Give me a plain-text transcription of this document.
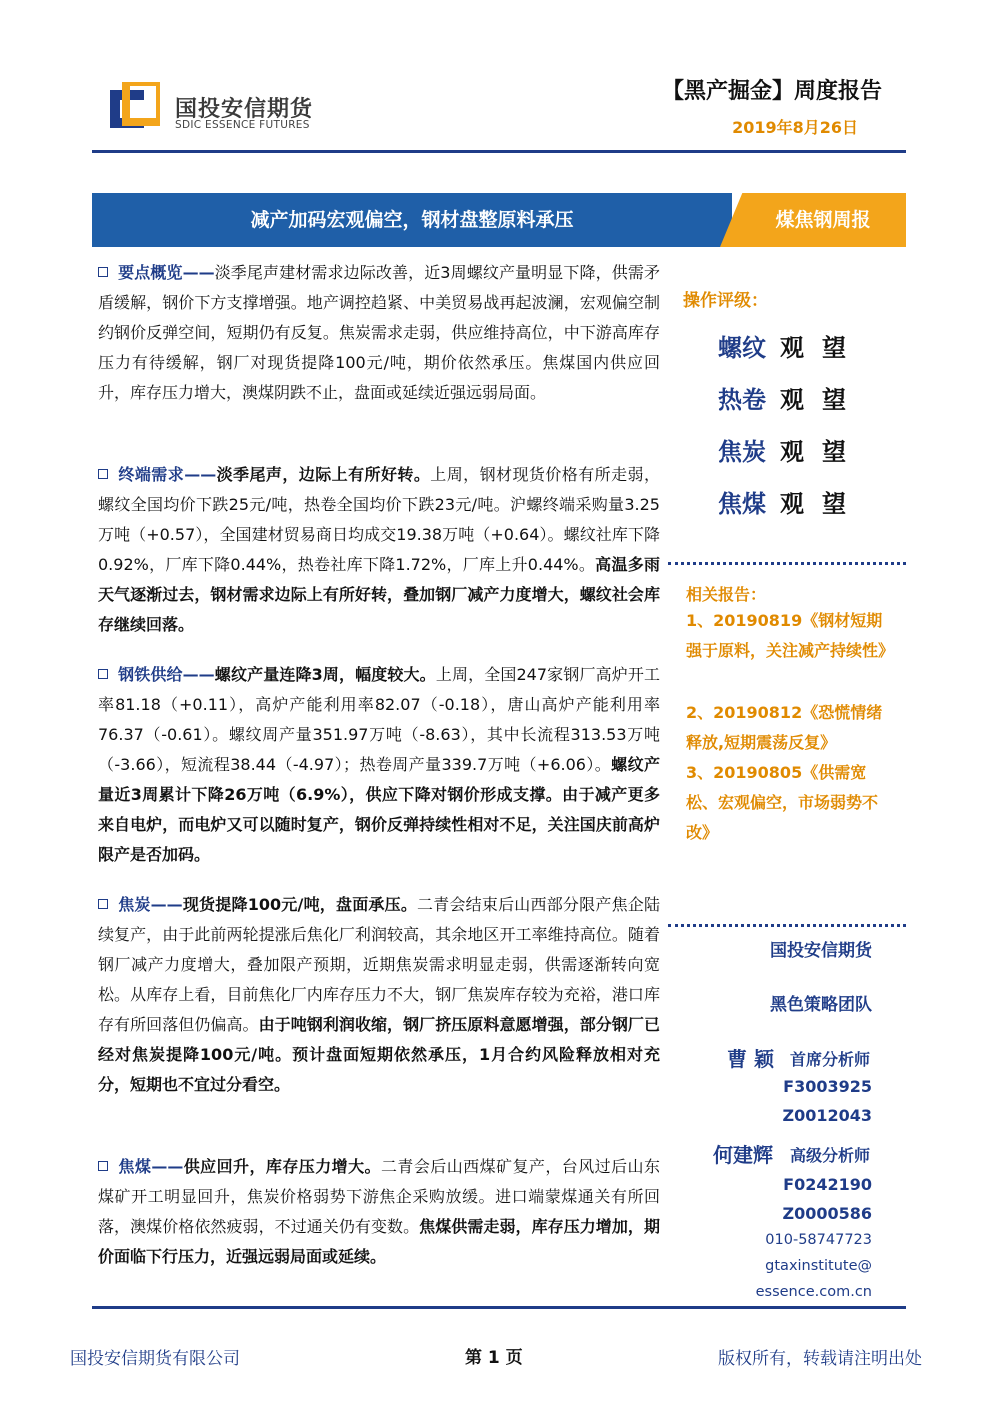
国投安信期货
SDIC ESSENCE FUTURES
【黑产掘金】周度报告
2019年8月26日
减产加码宏观偏空，钢材盘整原料承压	煤焦钢周报

要点概览——淡季尾声建材需求边际改善，近3周螺纹产量明显下降，供需矛盾缓解，钢价下方支撑增强。地产调控趋紧、中美贸易战再起波澜，宏观偏空制约钢价反弹空间，短期仍有反复。焦炭需求走弱，供应维持高位，中下游高库存压力有待缓解，钢厂对现货提降100元/吨，期价依然承压。焦煤国内供应回升，库存压力增大，澳煤阴跌不止，盘面或延续近强远弱局面。

终端需求——淡季尾声，边际上有所好转。上周，钢材现货价格有所走弱，螺纹全国均价下跌25元/吨，热卷全国均价下跌23元/吨。沪螺终端采购量3.25万吨（+0.57），全国建材贸易商日均成交19.38万吨（+0.64）。螺纹社库下降0.92%，厂库下降0.44%，热卷社库下降1.72%，厂库上升0.44%。高温多雨天气逐渐过去，钢材需求边际上有所好转，叠加钢厂减产力度增大，螺纹社会库存继续回落。

钢铁供给——螺纹产量连降3周，幅度较大。上周，全国247家钢厂高炉开工率81.18（+0.11），高炉产能利用率82.07（-0.18），唐山高炉产能利用率76.37（-0.61）。螺纹周产量351.97万吨（-8.63），其中长流程313.53万吨（-3.66），短流程38.44（-4.97）；热卷周产量339.7万吨（+6.06）。螺纹产量近3周累计下降26万吨（6.9%），供应下降对钢价形成支撑。由于减产更多来自电炉，而电炉又可以随时复产，钢价反弹持续性相对不足，关注国庆前高炉限产是否加码。

焦炭——现货提降100元/吨，盘面承压。二青会结束后山西部分限产焦企陆续复产，由于此前两轮提涨后焦化厂利润较高，其余地区开工率维持高位。随着钢厂减产力度增大，叠加限产预期，近期焦炭需求明显走弱，供需逐渐转向宽松。从库存上看，目前焦化厂内库存压力不大，钢厂焦炭库存较为充裕，港口库存有所回落但仍偏高。由于吨钢利润收缩，钢厂挤压原料意愿增强，部分钢厂已经对焦炭提降100元/吨。预计盘面短期依然承压，1月合约风险释放相对充分，短期也不宜过分看空。

焦煤——供应回升，库存压力增大。二青会后山西煤矿复产，台风过后山东煤矿开工明显回升，焦炭价格弱势下游焦企采购放缓。进口端蒙煤通关有所回落，澳煤价格依然疲弱，不过通关仍有变数。焦煤供需走弱，库存压力增加，期价面临下行压力，近强远弱局面或延续。

操作评级：
螺纹 观望
热卷 观望
焦炭 观望
焦煤 观望
相关报告：
1、20190819《钢材短期强于原料，关注减产持续性》
2、20190812《恐慌情绪释放,短期震荡反复》
3、20190805《供需宽松、宏观偏空，市场弱势不改》
国投安信期货
黑色策略团队
曹 颖 首席分析师
F3003925
Z0012043
何建辉 高级分析师
F0242190
Z0000586
010-58747723
gtaxinstitute@
essence.com.cn
国投安信期货有限公司	第 1 页	版权所有，转载请注明出处
